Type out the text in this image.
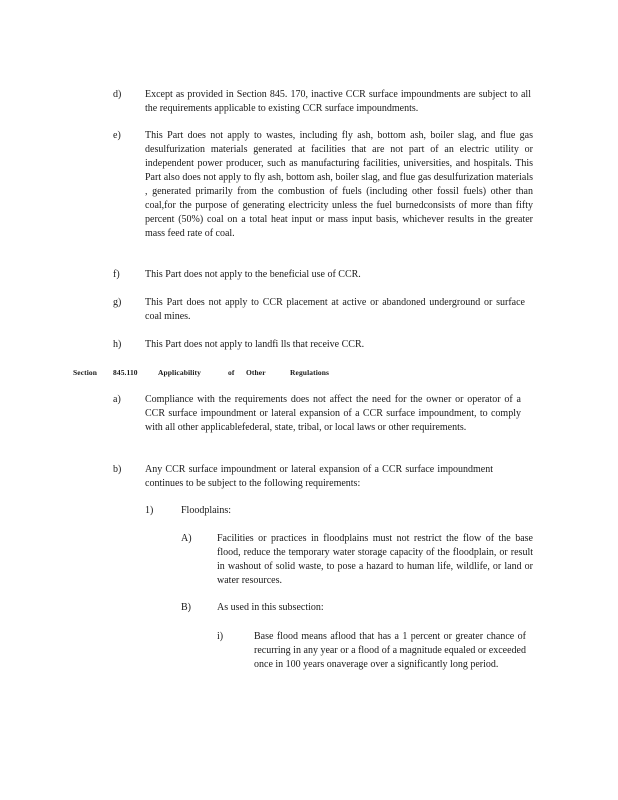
d) Except as provided in Section 845. 170, inactive CCR surface impoundments are subject to all the requirements applicable to existing CCR surface impoundments.
e) This Part does not apply to wastes, including fly ash, bottom ash, boiler slag, and flue gas desulfurization materials generated at facilities that are not part of an electric utility or independent power producer, such as manufacturing facilities, universities, and hospitals. This Part also does not apply to fly ash, bottom ash, boiler slag, and flue gas desulfurization materials , generated primarily from the combustion of fuels (including other fossil fuels) other than coal,for the purpose of generating electricity unless the fuel burnedconsists of more than fifty percent (50%) coal on a total heat input or mass input basis, whichever results in the greater mass feed rate of coal.
f)	This Part does not apply to the beneficial use of CCR.
g) This Part does not apply to CCR placement at active or abandoned underground or surface coal mines.
h) This Part does not apply to landfi lls that receive CCR.
Section 845.110	Applicability	of Other	Regulations
a) Compliance with the requirements does not affect the need for the owner or operator of a CCR surface impoundment or lateral expansion of a CCR surface impoundment, to comply with all other applicablefederal, state, tribal, or local laws or other requirements.
b) Any CCR surface impoundment or lateral expansion of a CCR surface impoundment continues to be subject to the following requirements:
1)	Floodplains:
A)	Facilities or practices in floodplains must not restrict the flow of the base flood, reduce the temporary water storage capacity of the floodplain, or result in washout of solid waste, to pose a hazard to human life, wildlife, or land or water resources.
B)	As used in this subsection:
i)	Base flood means aflood that has a 1 percent or greater chance of recurring in any year or a flood of a magnitude equaled or exceeded once in 100 years onaverage over a significantly long period.
